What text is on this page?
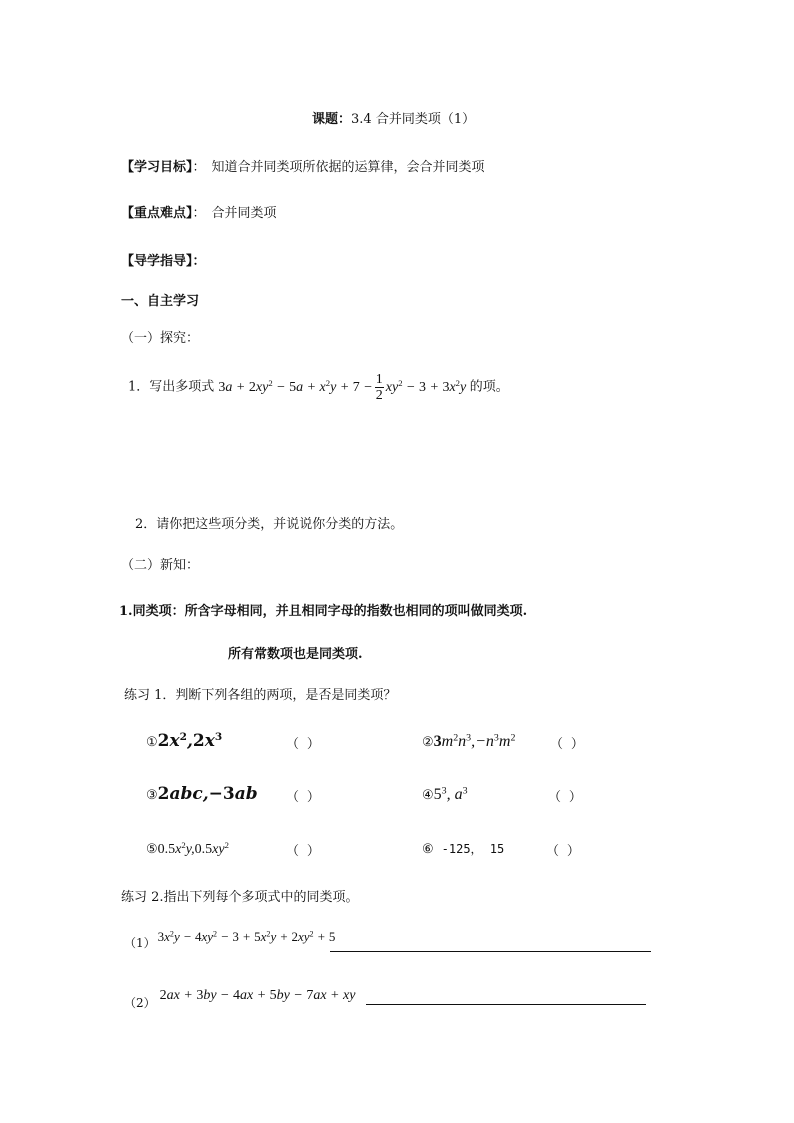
课题：3.4 合并同类项（1）
【学习目标】： 知道合并同类项所依据的运算律，会合并同类项
【重点难点】： 合并同类项
【导学指导】：
一、自主学习
（一）探究：
1．写出多项式 $3a + 2xy^2 - 5a + x^2y + 7 - \frac{1}{2} xy^2 - 3 + 3x^2y$ 的项。
2．请你把这些项分类，并说说你分类的方法。
（二）新知：
1.同类项：所含字母相同，并且相同字母的指数也相同的项叫做同类项.
所有常数项也是同类项.
练习 1．判断下列各组的两项，是否是同类项？
$①2x^2,2x^3$	（ ）	$②3m^2n^3,-n^3m^2$	（ ）
③2abc,−3ab （ ）	$④5^3$, $a^3$	（ ）
$⑤0.5x^2y,0.5xy^2$	（ ）	⑥ -125， 15	（ ）
练习 2.指出下列每个多项式中的同类项。
（1） $^{3x^2y - 4xy^2 - 3 + 5x^2y + 2xy^2 + 5}$
$_{(2)}$ 2ax + 3by − 4ax + 5by − 7ax + xy
